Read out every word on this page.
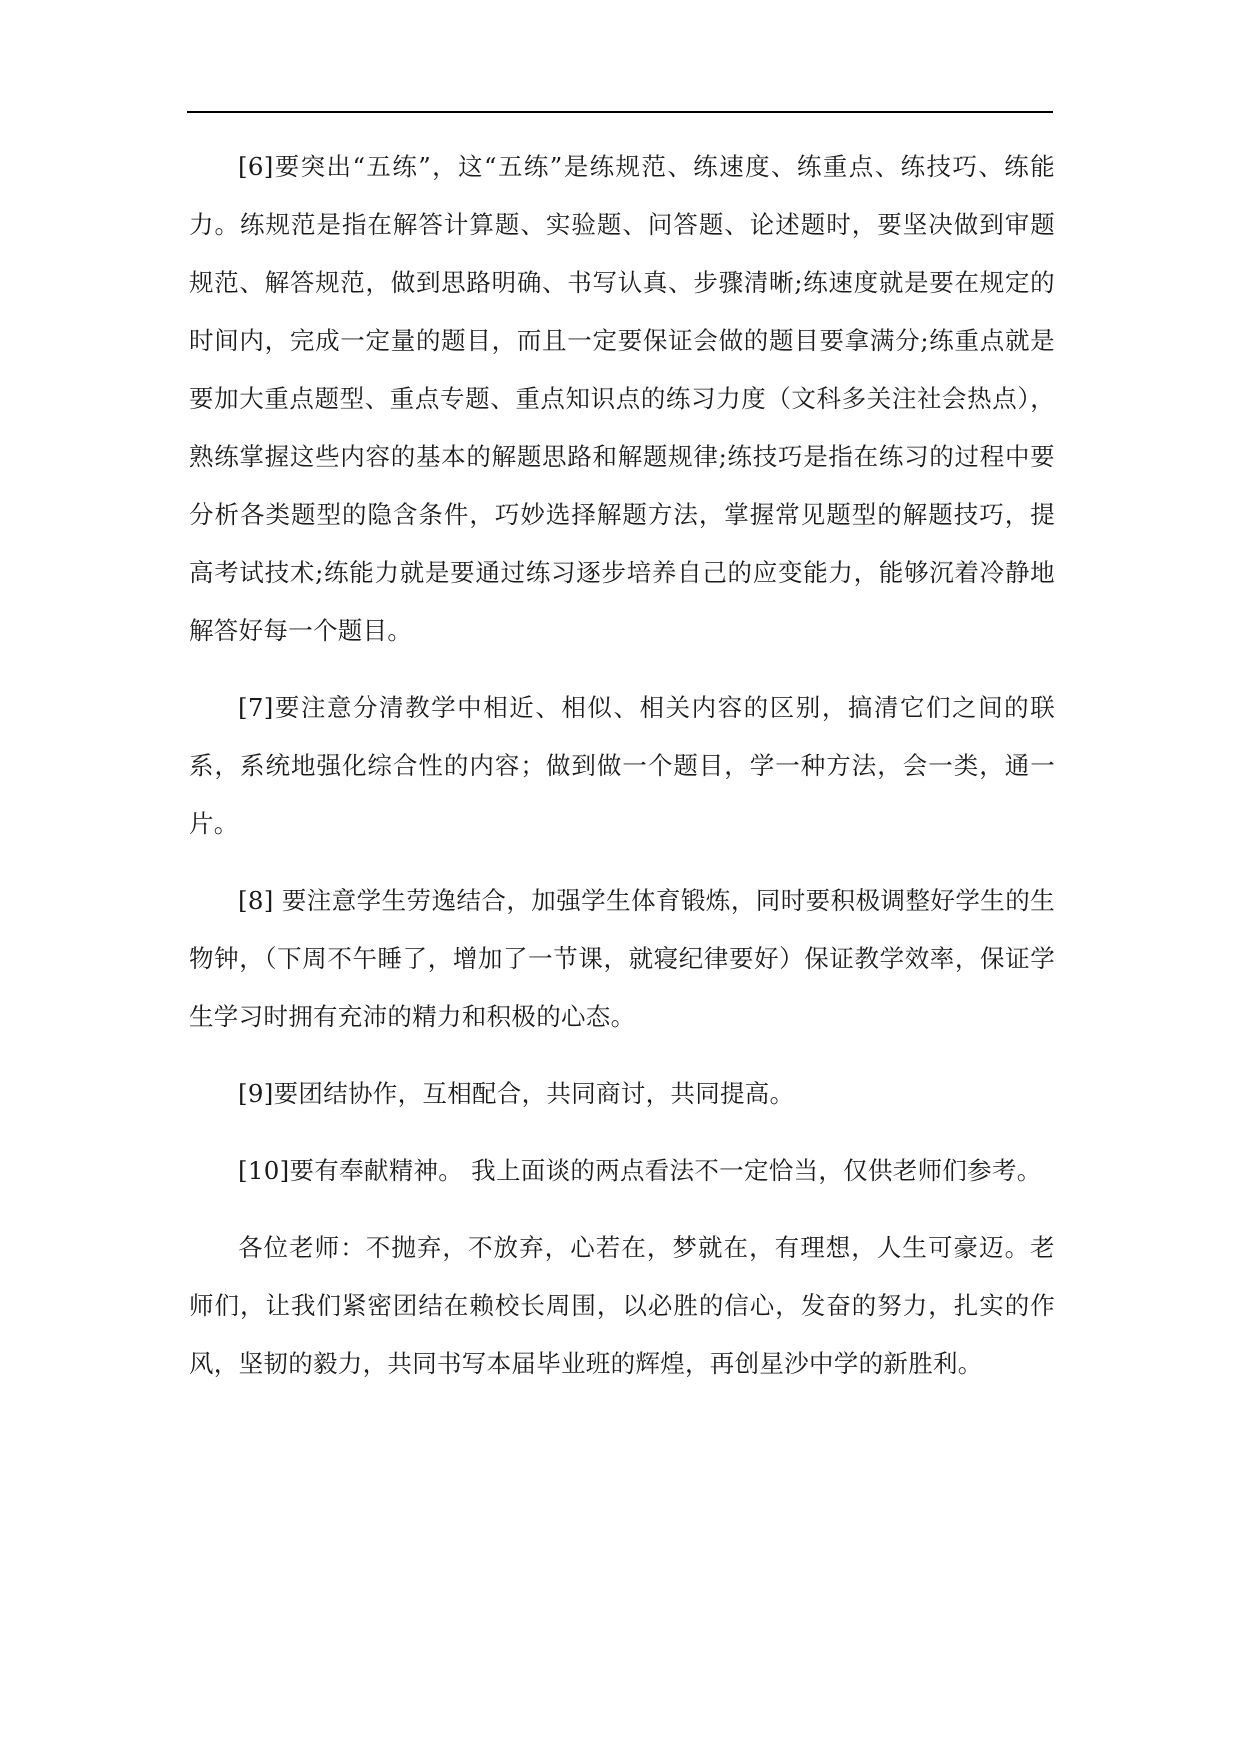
[6]要突出“五练”，这“五练”是练规范、练速度、练重点、练技巧、练能力。练规范是指在解答计算题、实验题、问答题、论述题时，要坚决做到审题规范、解答规范，做到思路明确、书写认真、步骤清晰;练速度就是要在规定的时间内，完成一定量的题目，而且一定要保证会做的题目要拿满分;练重点就是要加大重点题型、重点专题、重点知识点的练习力度（文科多关注社会热点），熟练掌握这些内容的基本的解题思路和解题规律;练技巧是指在练习的过程中要分析各类题型的隐含条件，巧妙选择解题方法，掌握常见题型的解题技巧，提高考试技术;练能力就是要通过练习逐步培养自己的应变能力，能够沉着冷静地解答好每一个题目。

[7]要注意分清教学中相近、相似、相关内容的区别，搞清它们之间的联系，系统地强化综合性的内容；做到做一个题目，学一种方法，会一类，通一片。

[8] 要注意学生劳逸结合，加强学生体育锻炼，同时要积极调整好学生的生物钟，（下周不午睡了，增加了一节课，就寝纪律要好）保证教学效率，保证学生学习时拥有充沛的精力和积极的心态。

[9]要团结协作，互相配合，共同商讨，共同提高。

[10]要有奉献精神。 我上面谈的两点看法不一定恰当，仅供老师们参考。

各位老师：不抛弃，不放弃，心若在，梦就在，有理想，人生可豪迈。老师们，让我们紧密团结在赖校长周围，以必胜的信心，发奋的努力，扎实的作风，坚韧的毅力，共同书写本届毕业班的辉煌，再创星沙中学的新胜利。
